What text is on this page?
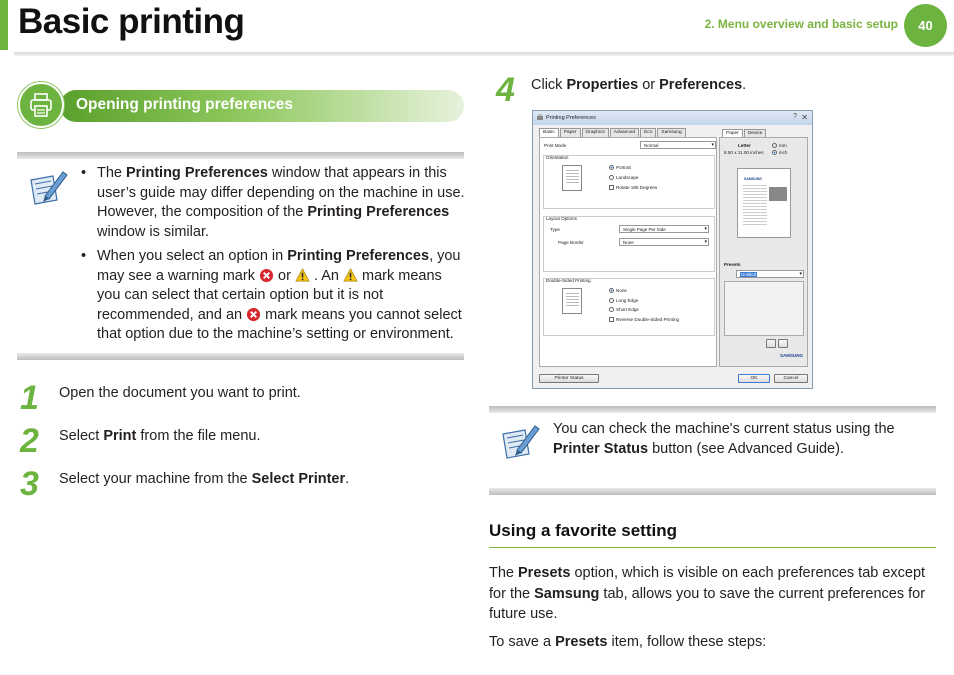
Basic printing	2. Menu overview and basic setup	40
Opening printing preferences
• The Printing Preferences window that appears in this user’s guide may differ depending on the machine in use. However, the composition of the Printing Preferences window is similar.
• When you select an option in Printing Preferences, you may see a warning mark  or  . An  mark means you can select that certain option but it is not recommended, and an  mark means you cannot select that option due to the machine’s setting or environment.
1 Open the document you want to print.
2 Select Print from the file menu.
3 Select your machine from the Select Printer.
4 Click Properties or Preferences.
Printing Preferences	? ✕
Basic	Paper	Graphics	Advanced	Eco	Samsung
Print Mode	Normal ▾
Orientation
Portrait
Landscape
Rotate 180 Degrees
Layout Options
Type	Single Page Per Side ▾
Page Border	None ▾
Double-Sided Printing
None
Long Edge
Short Edge
Reverse Double-Sided Printing
Paper	Device
Letter
8.50 x 11.00 inches
mm
inch
SAMSUNG
Presets
Untitled ▾
SAMSUNG
Printer Status	OK	Cancel
You can check the machine's current status using the Printer Status button (see Advanced Guide).
Using a favorite setting
The Presets option, which is visible on each preferences tab except for the Samsung tab, allows you to save the current preferences for future use.
To save a Presets item, follow these steps:
